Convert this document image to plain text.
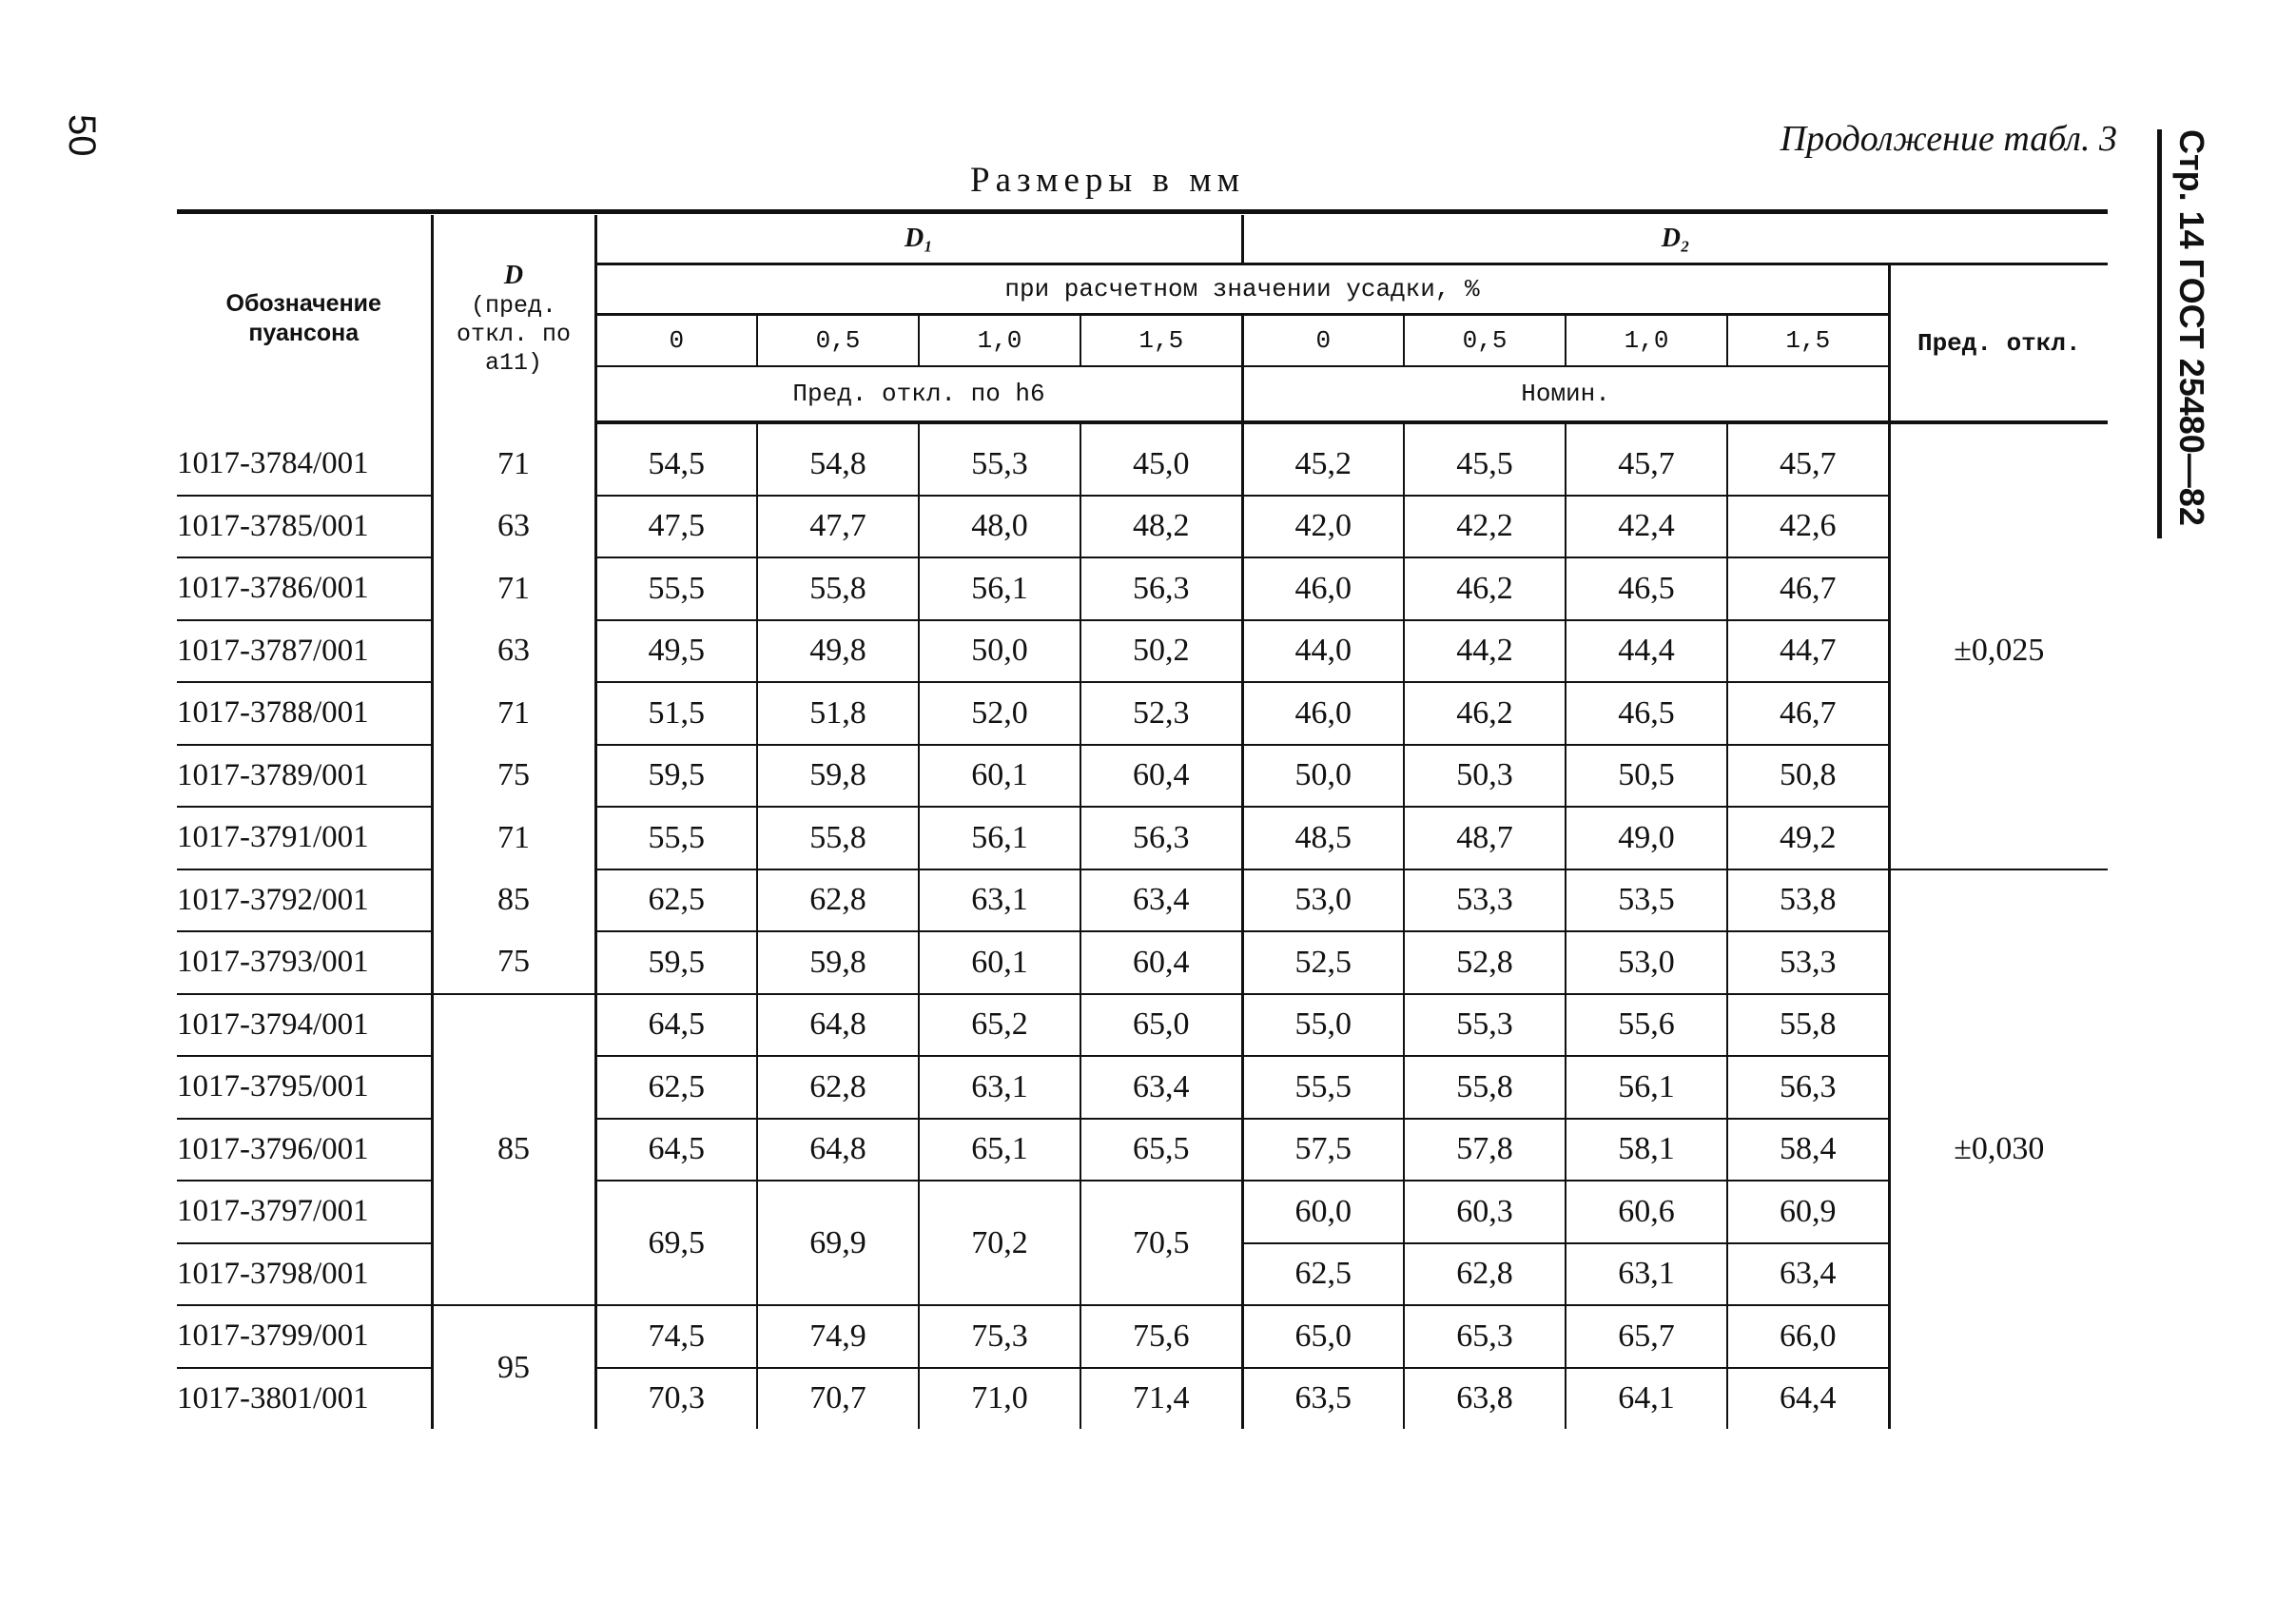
50	Продолжение табл. 3 Стр. 14 ГОСТ 25480—82
Размеры в мм
Обозначение пуансона	D
(пред. откл. по a11)	D₁				D₂				
		при расчетном значении усадки, %								Пред. откл.
		0	0,5	1,0	1,5	0	0,5	1,0	1,5	
		Пред. откл. по h6				Номин.				

1017-3784/001	71	54,5	54,8	55,3	45,0	45,2	45,5	45,7	45,7	±0,025
1017-3785/001	63	47,5	47,7	48,0	48,2	42,0	42,2	42,4	42,6	
1017-3786/001	71	55,5	55,8	56,1	56,3	46,0	46,2	46,5	46,7	
1017-3787/001	63	49,5	49,8	50,0	50,2	44,0	44,2	44,4	44,7	
1017-3788/001	71	51,5	51,8	52,0	52,3	46,0	46,2	46,5	46,7	
1017-3789/001	75	59,5	59,8	60,1	60,4	50,0	50,3	50,5	50,8	
1017-3791/001	71	55,5	55,8	56,1	56,3	48,5	48,7	49,0	49,2	
1017-3792/001	85	62,5	62,8	63,1	63,4	53,0	53,3	53,5	53,8	±0,030
1017-3793/001	75	59,5	59,8	60,1	60,4	52,5	52,8	53,0	53,3	
1017-3794/001	85	64,5	64,8	65,2	65,0	55,0	55,3	55,6	55,8	
1017-3795/001		62,5	62,8	63,1	63,4	55,5	55,8	56,1	56,3	
1017-3796/001		64,5	64,8	65,1	65,5	57,5	57,8	58,1	58,4	
1017-3797/001		69,5	69,9	70,2	70,5	60,0	60,3	60,6	60,9	
1017-3798/001						62,5	62,8	63,1	63,4	
1017-3799/001	95	74,5	74,9	75,3	75,6	65,0	65,3	65,7	66,0	
1017-3801/001		70,3	70,7	71,0	71,4	63,5	63,8	64,1	64,4	
